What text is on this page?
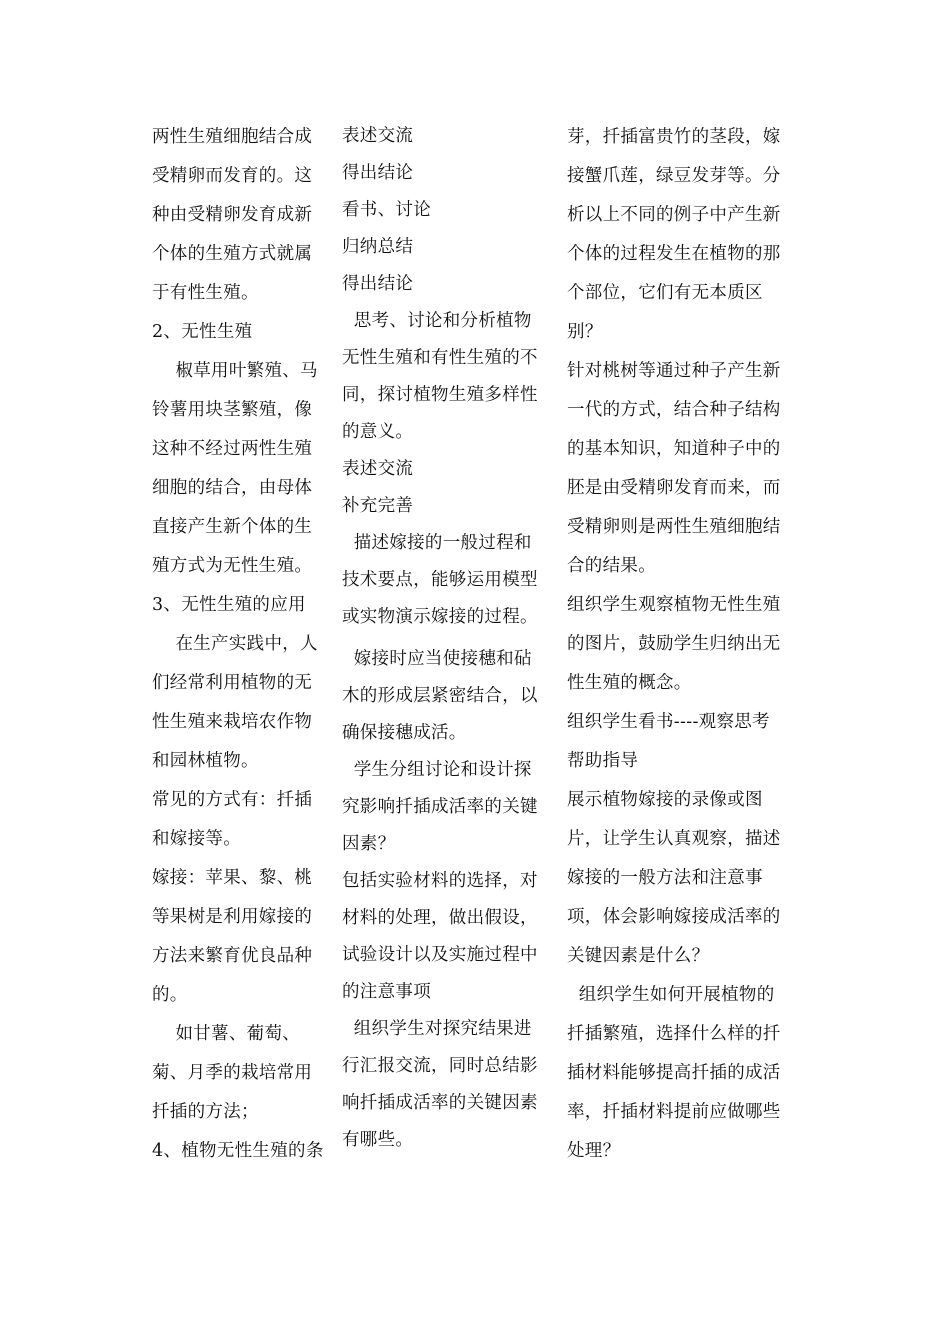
两性生殖细胞结合成

受精卵而发育的。这

种由受精卵发育成新

个体的生殖方式就属

于有性生殖。

2、无性生殖

椒草用叶繁殖、马

铃薯用块茎繁殖，像

这种不经过两性生殖

细胞的结合，由母体

直接产生新个体的生

殖方式为无性生殖。

3、无性生殖的应用

在生产实践中，人

们经常利用植物的无

性生殖来栽培农作物

和园林植物。

常见的方式有：扦插

和嫁接等。

嫁接：苹果、黎、桃

等果树是利用嫁接的

方法来繁育优良品种

的。

如甘薯、葡萄、

菊、月季的栽培常用

扦插的方法；

4、植物无性生殖的条

表述交流

得出结论

看书、讨论

归纳总结

得出结论

思考、讨论和分析植物

无性生殖和有性生殖的不

同，探讨植物生殖多样性

的意义。

表述交流

补充完善

描述嫁接的一般过程和

技术要点，能够运用模型

或实物演示嫁接的过程。

嫁接时应当使接穗和砧

木的形成层紧密结合，以

确保接穗成活。

学生分组讨论和设计探

究影响扦插成活率的关键

因素？

包括实验材料的选择，对

材料的处理，做出假设，

试验设计以及实施过程中

的注意事项

组织学生对探究结果进

行汇报交流，同时总结影

响扦插成活率的关键因素

有哪些。

芽，扦插富贵竹的茎段，嫁

接蟹爪莲，绿豆发芽等。分

析以上不同的例子中产生新

个体的过程发生在植物的那

个部位，它们有无本质区

别？

针对桃树等通过种子产生新

一代的方式，结合种子结构

的基本知识，知道种子中的

胚是由受精卵发育而来，而

受精卵则是两性生殖细胞结

合的结果。

组织学生观察植物无性生殖

的图片，鼓励学生归纳出无

性生殖的概念。

组织学生看书----观察思考

帮助指导

展示植物嫁接的录像或图

片，让学生认真观察，描述

嫁接的一般方法和注意事

项，体会影响嫁接成活率的

关键因素是什么？

组织学生如何开展植物的

扦插繁殖，选择什么样的扦

插材料能够提高扦插的成活

率，扦插材料提前应做哪些

处理？
